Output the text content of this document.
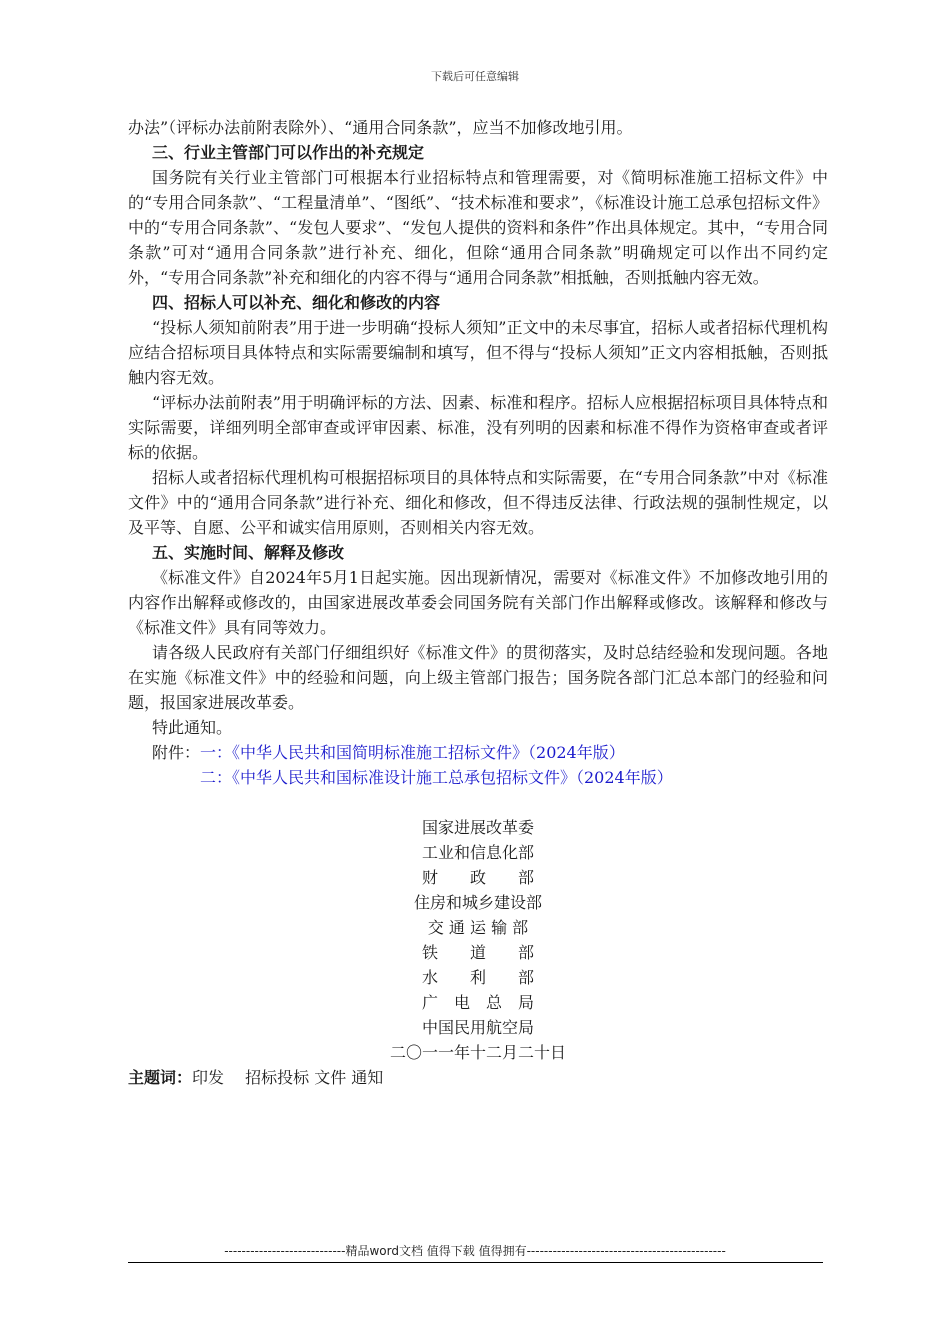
下载后可任意编辑

办法”（评标办法前附表除外）、“通用合同条款”，应当不加修改地引用。

三、行业主管部门可以作出的补充规定

国务院有关行业主管部门可根据本行业招标特点和管理需要，对《简明标准施工招标文件》中的“专用合同条款”、“工程量清单”、“图纸”、“技术标准和要求”，《标准设计施工总承包招标文件》中的“专用合同条款”、“发包人要求”、“发包人提供的资料和条件”作出具体规定。其中，“专用合同条款”可对“通用合同条款”进行补充、细化，但除“通用合同条款”明确规定可以作出不同约定外，“专用合同条款”补充和细化的内容不得与“通用合同条款”相抵触，否则抵触内容无效。

四、招标人可以补充、细化和修改的内容

“投标人须知前附表”用于进一步明确“投标人须知”正文中的未尽事宜，招标人或者招标代理机构应结合招标项目具体特点和实际需要编制和填写，但不得与“投标人须知”正文内容相抵触，否则抵触内容无效。

“评标办法前附表”用于明确评标的方法、因素、标准和程序。招标人应根据招标项目具体特点和实际需要，详细列明全部审查或评审因素、标准，没有列明的因素和标准不得作为资格审查或者评标的依据。

招标人或者招标代理机构可根据招标项目的具体特点和实际需要，在“专用合同条款”中对《标准文件》中的“通用合同条款”进行补充、细化和修改，但不得违反法律、行政法规的强制性规定，以及平等、自愿、公平和诚实信用原则，否则相关内容无效。

五、实施时间、解释及修改

《标准文件》自2024年5月1日起实施。因出现新情况，需要对《标准文件》不加修改地引用的内容作出解释或修改的，由国家进展改革委会同国务院有关部门作出解释或修改。该解释和修改与《标准文件》具有同等效力。

请各级人民政府有关部门仔细组织好《标准文件》的贯彻落实，及时总结经验和发现问题。各地在实施《标准文件》中的经验和问题，向上级主管部门报告；国务院各部门汇总本部门的经验和问题，报国家进展改革委。

特此通知。

附件：一：《中华人民共和国简明标准施工招标文件》（2024年版）

二：《中华人民共和国标准设计施工总承包招标文件》（2024年版）

国家进展改革委
工业和信息化部
财　　政　　部
住房和城乡建设部
交 通 运 输 部
铁　　道　　部
水　　利　　部
广　电　总　局
中国民用航空局
二〇一一年十二月二十日

主题词：印发　 招标投标 文件 通知

----------------------------精品word文档 值得下载 值得拥有----------------------------------------------
